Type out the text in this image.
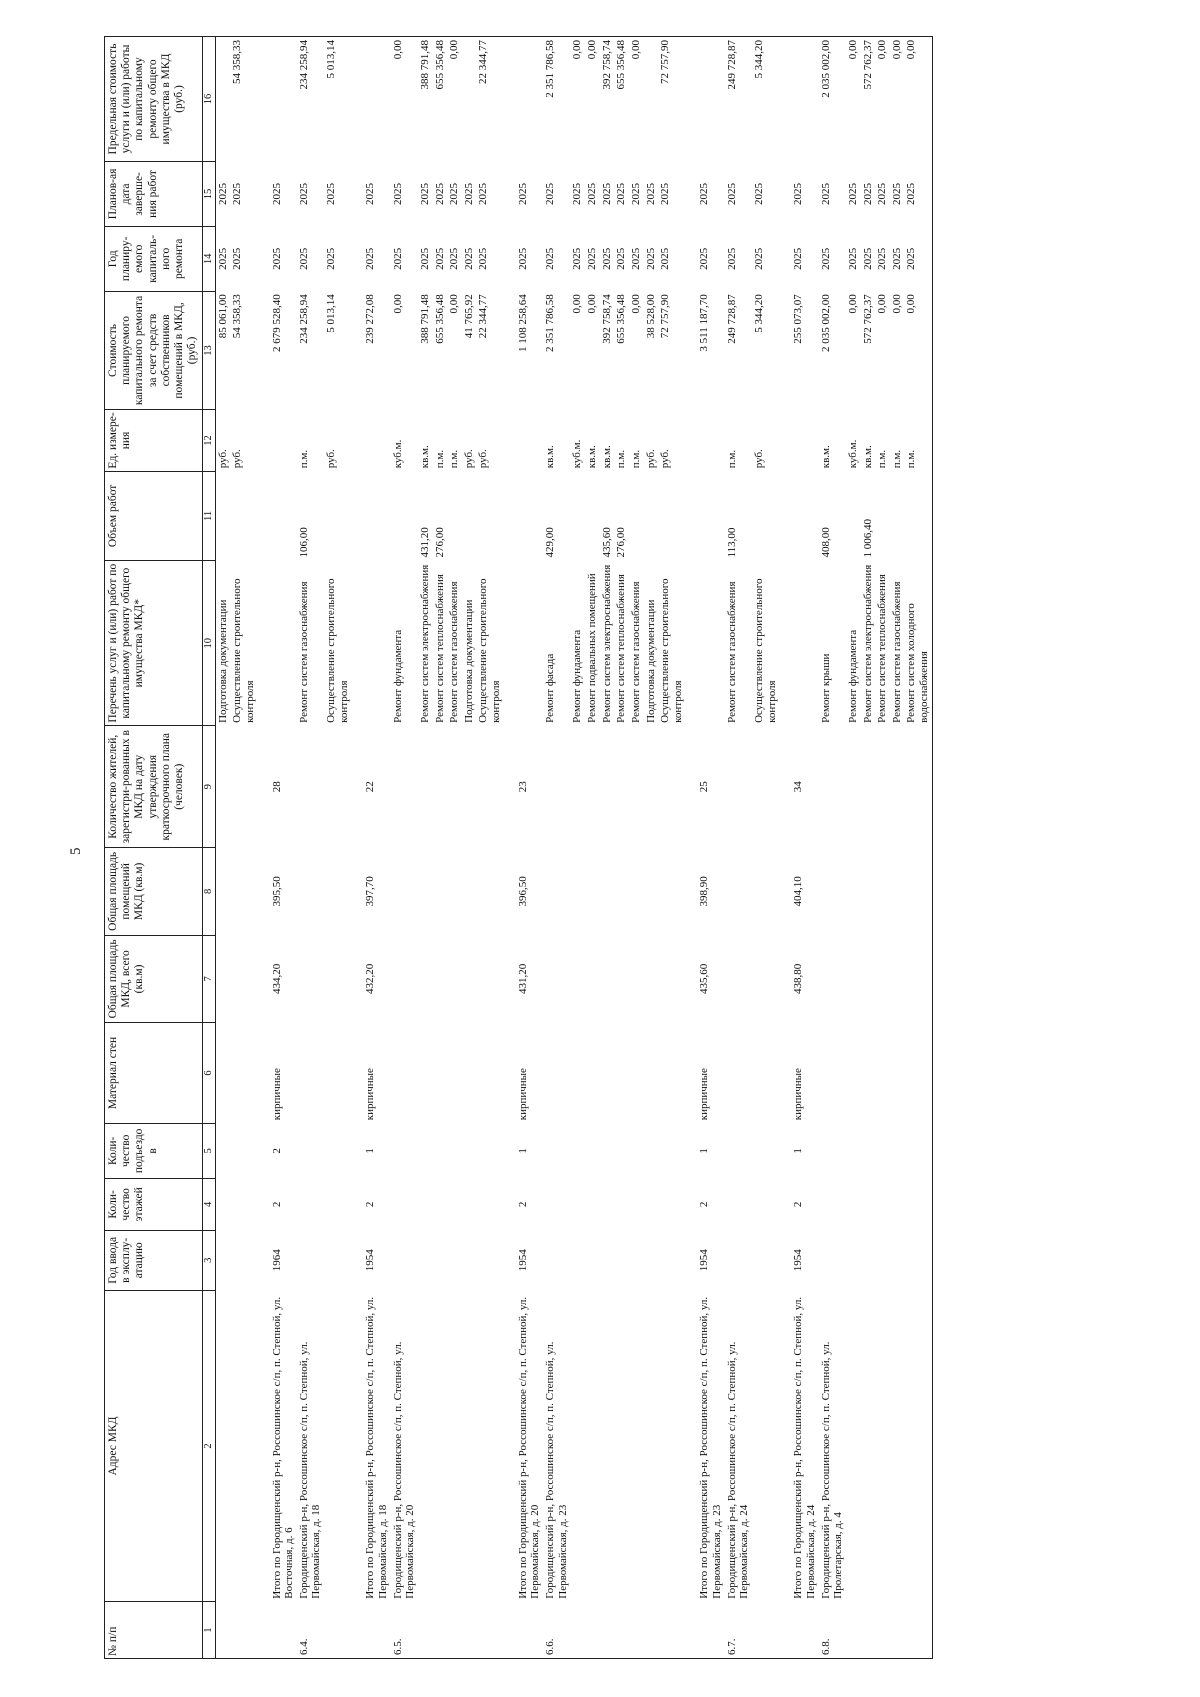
5
№ п/п	Адрес МКД	Год ввода в эксплу-атацию	Коли-чество этажей	Коли-чество подъездо в	Материал стен	Общая площадь МКД, всего (кв.м)	Общая площадь помещений МКД (кв.м)	Количество жителей, зарегистри-рованных в МКД на дату утверждения краткосрочного плана (человек)	Перечень услуг и (или) работ по капитальному ремонту общего имущества МКД*	Объем работ	Ед. измере-ния	Стоимость планируемого капитального ремонта за счет средств собственников помещений в МКД, (руб.)	Год планиру-емого капиталь-ного ремонта	Планов-ая дата заверше-ния работ	Предельная стоимость услуги и (или) работы по капитальному ремонту общего имущества в МКД (руб.)
1	2	3	4	5	6	7	8	9	10	11	12	13	14	15	16
									Подготовка документации		руб.	85 061,00	2025	2025	
									Осуществление строительного контроля		руб.	54 358,33	2025	2025	54 358,33

	Итого по Городищенский р-н, Россошинское с/п, п. Степной, ул. Восточная, д. 6	1964	2	2	кирпичные	434,20	395,50	28				2 679 528,40	2025	2025	
6.4.	Городищенский р-н, Россошинское с/п, п. Степной, ул. Первомайская, д. 18								Ремонт систем газоснабжения	106,00	п.м.	234 258,94	2025	2025	234 258,94
									Осуществление строительного контроля		руб.	5 013,14	2025	2025	5 013,14

	Итого по Городищенский р-н, Россошинское с/п, п. Степной, ул. Первомайская, д. 18	1954	2	1	кирпичные	432,20	397,70	22				239 272,08	2025	2025	
6.5.	Городищенский р-н, Россошинское с/п, п. Степной, ул. Первомайская, д. 20								Ремонт фундамента		куб.м.	0,00	2025	2025	0,00
									Ремонт систем электроснабжения	431,20	кв.м.	388 791,48	2025	2025	388 791,48
									Ремонт систем теплоснабжения	276,00	п.м.	655 356,48	2025	2025	655 356,48
									Ремонт систем газоснабжения		п.м.	0,00	2025	2025	0,00
									Подготовка документации		руб.	41 765,92	2025	2025	
									Осуществление строительного контроля		руб.	22 344,77	2025	2025	22 344,77

	Итого по Городищенский р-н, Россошинское с/п, п. Степной, ул. Первомайская, д. 20	1954	2	1	кирпичные	431,20	396,50	23				1 108 258,64	2025	2025	
6.6.	Городищенский р-н, Россошинское с/п, п. Степной, ул. Первомайская, д. 23								Ремонт фасада	429,00	кв.м.	2 351 786,58	2025	2025	2 351 786,58
									Ремонт фундамента		куб.м.	0,00	2025	2025	0,00
									Ремонт подвальных помещений		кв.м.	0,00	2025	2025	0,00
									Ремонт систем электроснабжения	435,60	кв.м.	392 758,74	2025	2025	392 758,74
									Ремонт систем теплоснабжения	276,00	п.м.	655 356,48	2025	2025	655 356,48
									Ремонт систем газоснабжения		п.м.	0,00	2025	2025	0,00
									Подготовка документации		руб.	38 528,00	2025	2025	
									Осуществление строительного контроля		руб.	72 757,90	2025	2025	72 757,90

	Итого по Городищенский р-н, Россошинское с/п, п. Степной, ул. Первомайская, д. 23	1954	2	1	кирпичные	435,60	398,90	25				3 511 187,70	2025	2025	
6.7.	Городищенский р-н, Россошинское с/п, п. Степной, ул. Первомайская, д. 24								Ремонт систем газоснабжения	113,00	п.м.	249 728,87	2025	2025	249 728,87
									Осуществление строительного контроля		руб.	5 344,20	2025	2025	5 344,20

	Итого по Городищенский р-н, Россошинское с/п, п. Степной, ул. Первомайская, д. 24	1954	2	1	кирпичные	438,80	404,10	34				255 073,07	2025	2025	
6.8.	Городищенский р-н, Россошинское с/п, п. Степной, ул. Пролетарская, д. 4								Ремонт крыши	408,00	кв.м.	2 035 002,00	2025	2025	2 035 002,00
									Ремонт фундамента		куб.м.	0,00	2025	2025	0,00
									Ремонт систем электроснабжения	1 006,40	кв.м.	572 762,37	2025	2025	572 762,37
									Ремонт систем теплоснабжения		п.м.	0,00	2025	2025	0,00
									Ремонт систем газоснабжения		п.м.	0,00	2025	2025	0,00
									Ремонт систем холодного водоснабжения		п.м.	0,00	2025	2025	0,00
